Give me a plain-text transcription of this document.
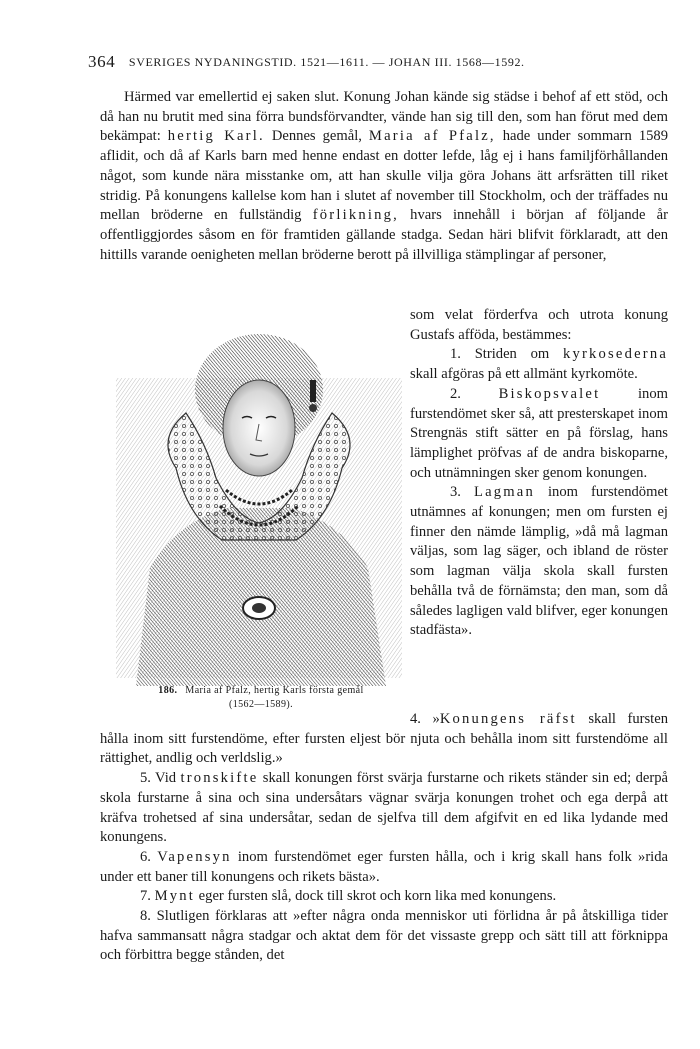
364 SVERIGES NYDANINGSTID. 1521—1611. — JOHAN III. 1568—1592.

Härmed var emellertid ej saken slut. Konung Johan kände sig städse i behof af ett stöd, och då han nu brutit med sina förra bundsförvandter, vände han sig till den, som han förut med dem bekämpat: hertig Karl. Dennes gemål, Maria af Pfalz, hade under sommarn 1589 aflidit, och då af Karls barn med henne endast en dotter lefde, låg ej i hans familjförhållanden något, som kunde nära misstanke om, att han skulle vilja göra Johans ätt arfsrätten till riket stridig. På konungens kallelse kom han i slutet af november till Stockholm, och der träffades nu mellan bröderne en fullständig förlikning, hvars innehåll i början af följande år offentliggjordes såsom en för framtiden gällande stadga. Sedan häri blifvit förklaradt, att den hittills varande oenigheten mellan bröderne berott på illvilliga stämplingar af personer,

som velat förderfva och utrota konung Gustafs afföda, bestämmes:

1. Striden om kyrkosederna skall afgöras på ett allmänt kyrkomöte.

2. Biskopsvalet inom furstendömet sker så, att presterskapet inom Strengnäs stift sätter en på förslag, hans lämplighet pröfvas af de andra biskoparne, och utnämningen sker genom konungen.

3. Lagman inom furstendömet utnämnes af konungen; men om fursten ej finner den nämde lämplig, »då må lagman väljas, som lag säger, och ibland de röster som lagman välja skola skall fursten behålla två de förnämsta; den man, som då således lagligen vald blifver, eger konungen stadfästa».

186. Maria af Pfalz, hertig Karls första gemål
(1562—1589).

4. »Konungens räfst skall fursten hålla inom sitt furstendöme, efter fursten eljest bör njuta och behålla inom sitt furstendöme all rättighet, andlig och verldslig.»

5. Vid tronskifte skall konungen först svärja furstarne och rikets ständer sin ed; derpå skola furstarne å sina och sina undersåtars vägnar svärja konungen trohet och ega derpå att kräfva trohetsed af sina undersåtar, sedan de sjelfva till dem afgifvit en ed lika lydande med konungens.

6. Vapensyn inom furstendömet eger fursten hålla, och i krig skall hans folk »rida under ett baner till konungens och rikets bästa».

7. Mynt eger fursten slå, dock till skrot och korn lika med konungens.

8. Slutligen förklaras att »efter några onda menniskor uti förlidna år på åtskilliga tider hafva sammansatt några stadgar och aktat dem för det vissaste grepp och sätt till att förknippa och förbittra begge stånden, det
